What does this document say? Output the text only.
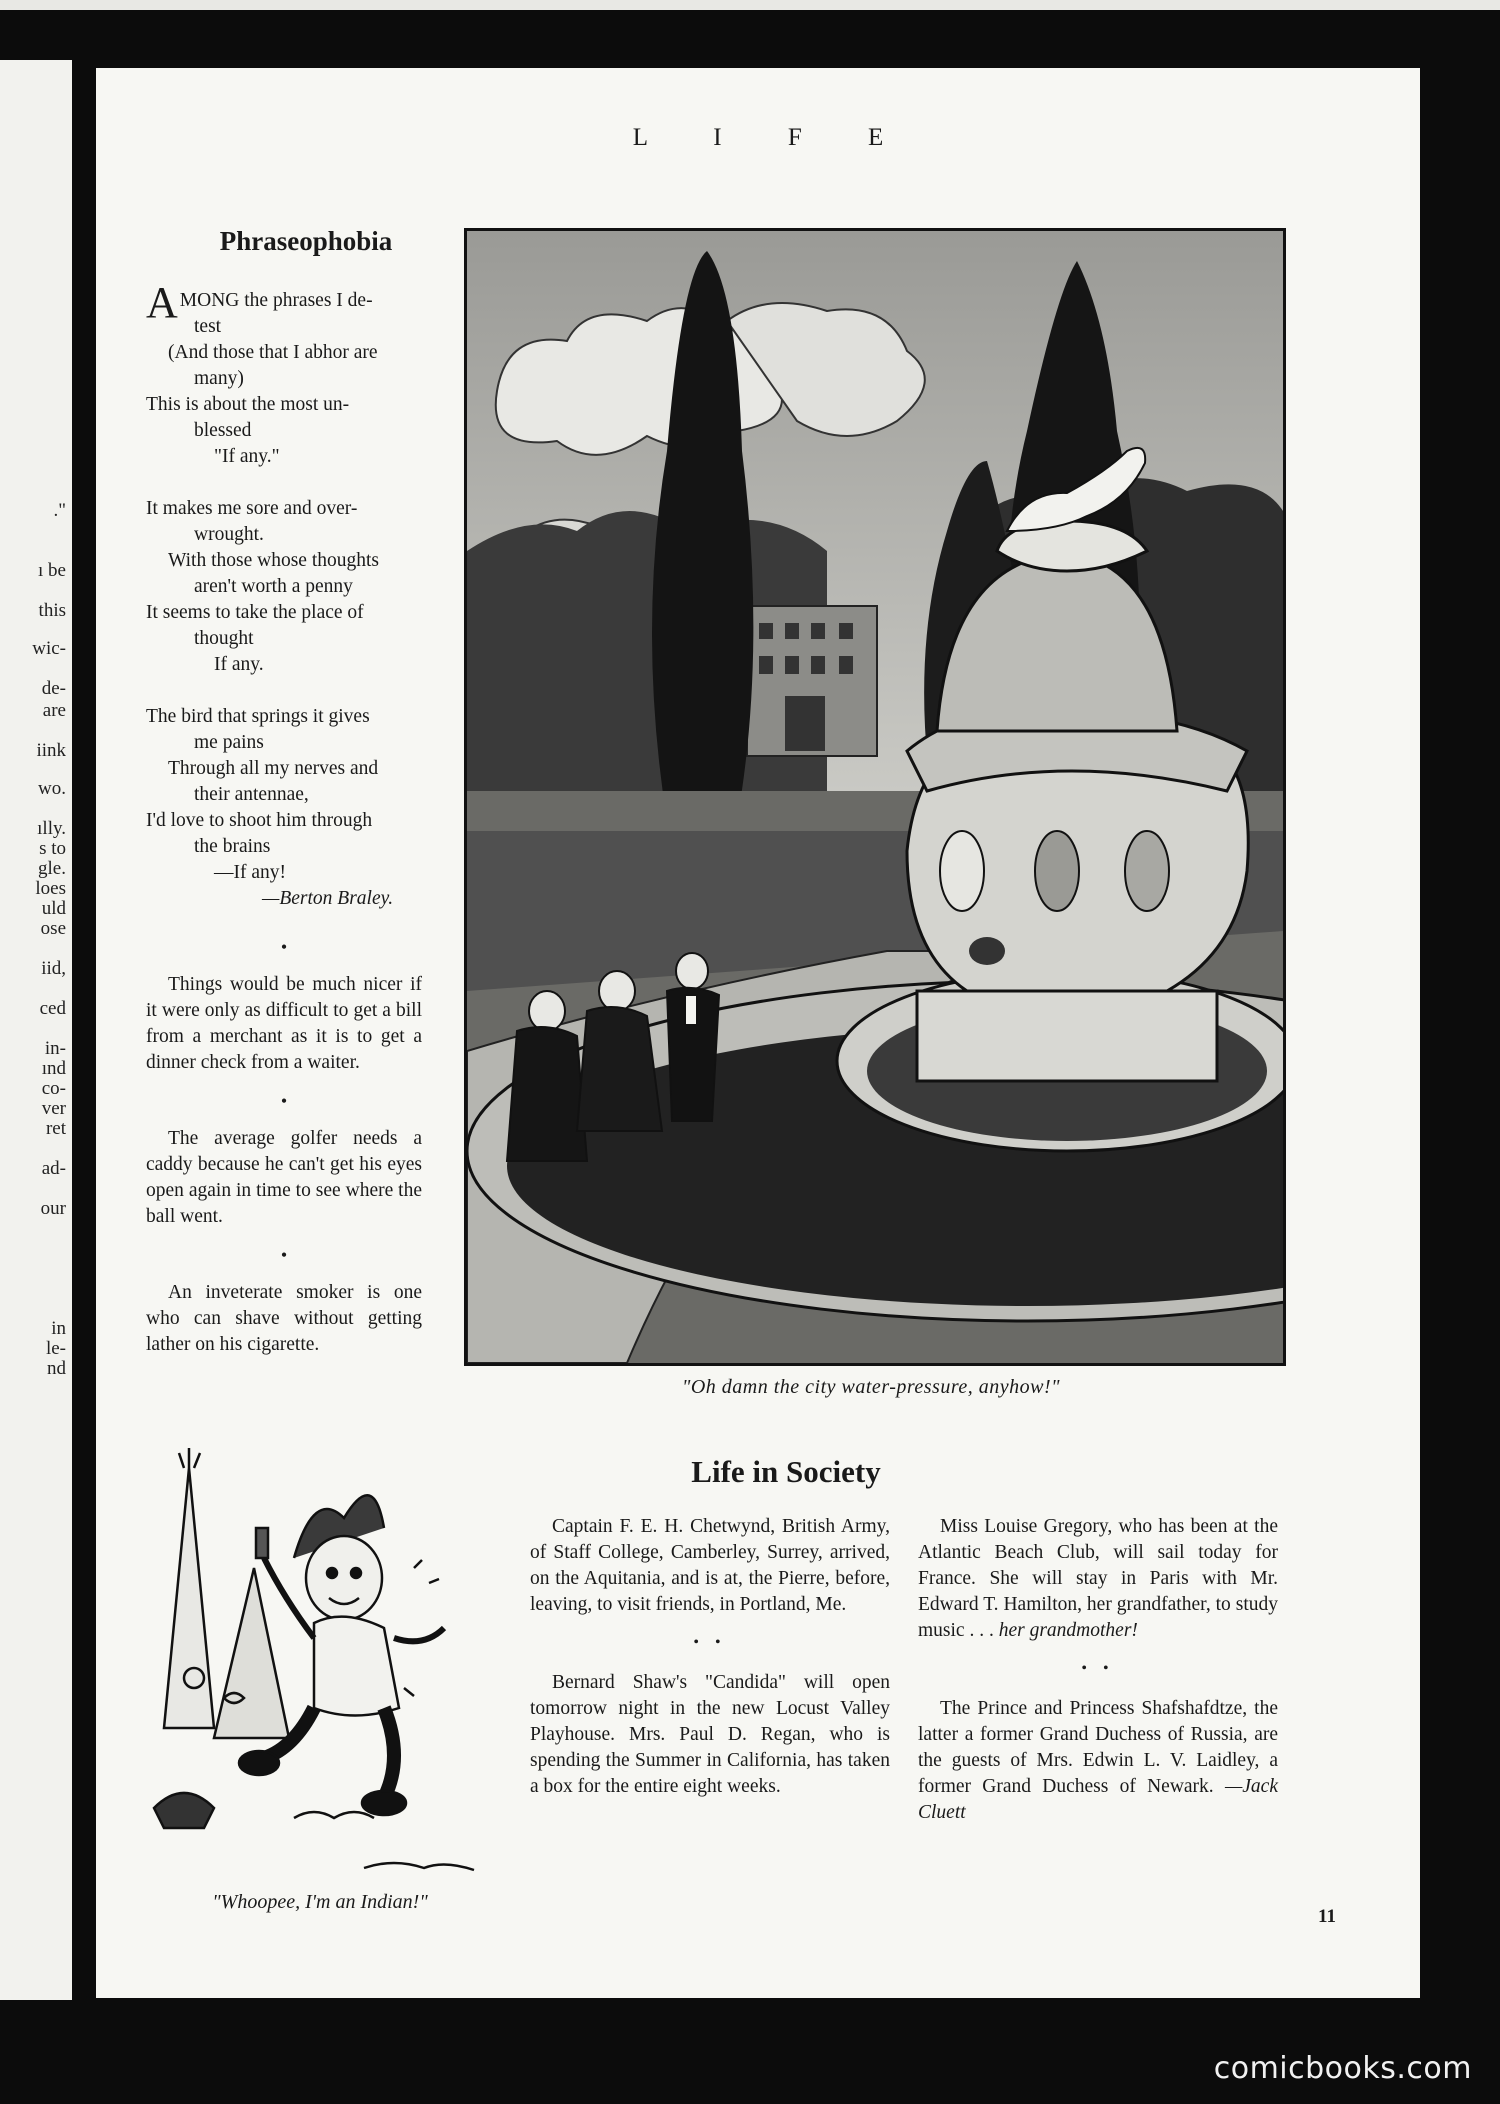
."
ı be
this
wic-
de-
are
iink
wo.
ılly.
s to
gle.
loes
uld
ose
iid,
ced
in-
ınd
co-
ver
ret
ad-
our
in
le-
nd
L I F E
Phraseophobia
AMONG the phrases I de-
test
(And those that I abhor are
many)
This is about the most un-
blessed
"If any."
It makes me sore and over-
wrought.
With those whose thoughts
aren't worth a penny
It seems to take the place of
thought
If any.
The bird that springs it gives
me pains
Through all my nerves and
their antennae,
I'd love to shoot him through
the brains
—If any!
—Berton Braley.
•

Things would be much nicer if it were only as difficult to get a bill from a merchant as it is to get a dinner check from a waiter.

•

The average golfer needs a caddy because he can't get his eyes open again in time to see where the ball went.

•

An inveterate smoker is one who can shave without getting lather on his cigarette.

"Oh damn the city water-pressure, anyhow!"
"Whoopee, I'm an Indian!"
Life in Society

Captain F. E. H. Chetwynd, British Army, of Staff College, Camberley, Surrey, arrived, on the Aquitania, and is at, the Pierre, before, leaving, to visit friends, in Portland, Me.

• •

Bernard Shaw's "Candida" will open tomorrow night in the new Locust Valley Playhouse. Mrs. Paul D. Regan, who is spending the Summer in California, has taken a box for the entire eight weeks.

Miss Louise Gregory, who has been at the Atlantic Beach Club, will sail today for France. She will stay in Paris with Mr. Edward T. Hamilton, her grandfather, to study music . . . her grandmother!

• •

The Prince and Princess Shafshafdtze, the latter a former Grand Duchess of Russia, are the guests of Mrs. Edwin L. V. Laidley, a former Grand Duchess of Newark. —Jack Cluett

11
comicbooks.com
